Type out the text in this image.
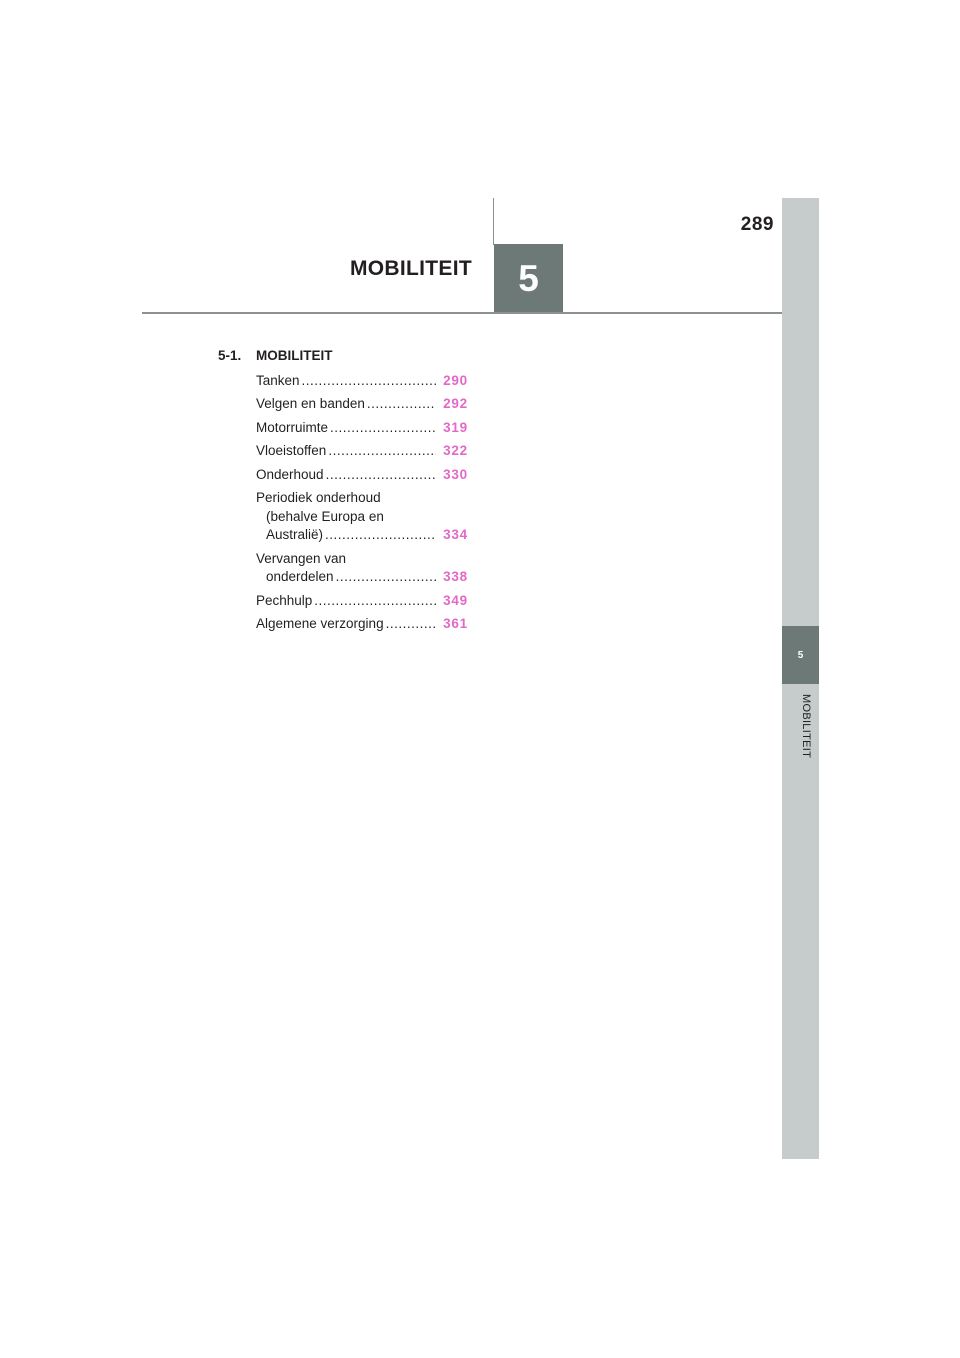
289
MOBILITEIT 5
5
MOBILITEIT
5-1.	MOBILITEIT
Tanken .....	290
Velgen en banden .....	292
Motorruimte .....	319
Vloeistoffen .....	322
Onderhoud .....	330
Periodiek onderhoud
(behalve Europa en
Australië) .....	334
Vervangen van
onderdelen .....	338
Pechhulp .....	349
Algemene verzorging .....	361
